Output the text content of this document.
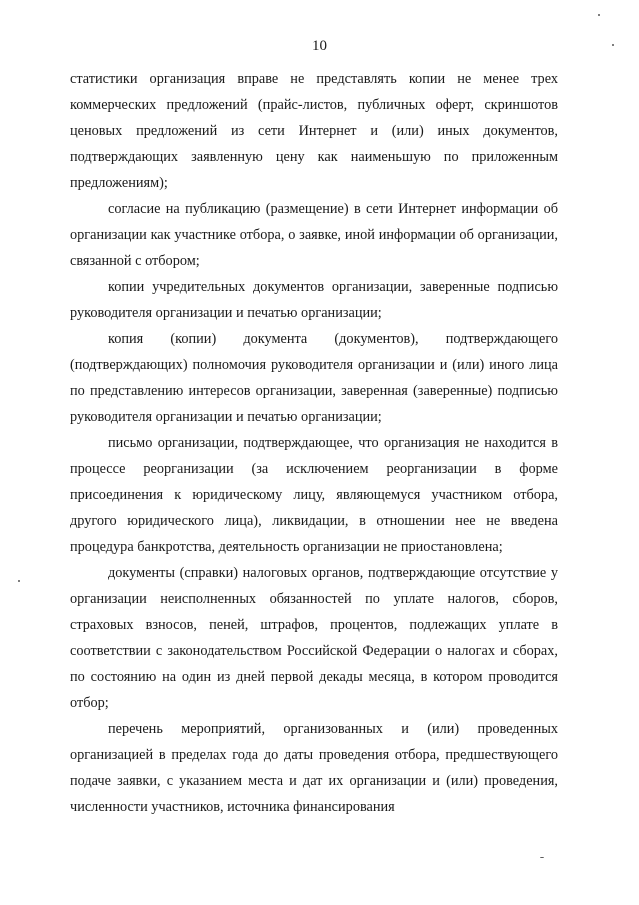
10

статистики организация вправе не представлять копии не менее трех коммерческих предложений (прайс-листов, публичных оферт, скриншотов ценовых предложений из сети Интернет и (или) иных документов, подтверждающих заявленную цену как наименьшую по приложенным предложениям);

согласие на публикацию (размещение) в сети Интернет информации об организации как участнике отбора, о заявке, иной информации об организации, связанной с отбором;

копии учредительных документов организации, заверенные подписью руководителя организации и печатью организации;

копия (копии) документа (документов), подтверждающего (подтверждающих) полномочия руководителя организации и (или) иного лица по представлению интересов организации, заверенная (заверенные) подписью руководителя организации и печатью организации;

письмо организации, подтверждающее, что организация не находится в процессе реорганизации (за исключением реорганизации в форме присоединения к юридическому лицу, являющемуся участником отбора, другого юридического лица), ликвидации, в отношении нее не введена процедура банкротства, деятельность организации не приостановлена;

документы (справки) налоговых органов, подтверждающие отсутствие у организации неисполненных обязанностей по уплате налогов, сборов, страховых взносов, пеней, штрафов, процентов, подлежащих уплате в соответствии с законодательством Российской Федерации о налогах и сборах, по состоянию на один из дней первой декады месяца, в котором проводится отбор;

перечень мероприятий, организованных и (или) проведенных организацией в пределах года до даты проведения отбора, предшествующего подаче заявки, с указанием места и дат их организации и (или) проведения, численности участников, источника финансирования
